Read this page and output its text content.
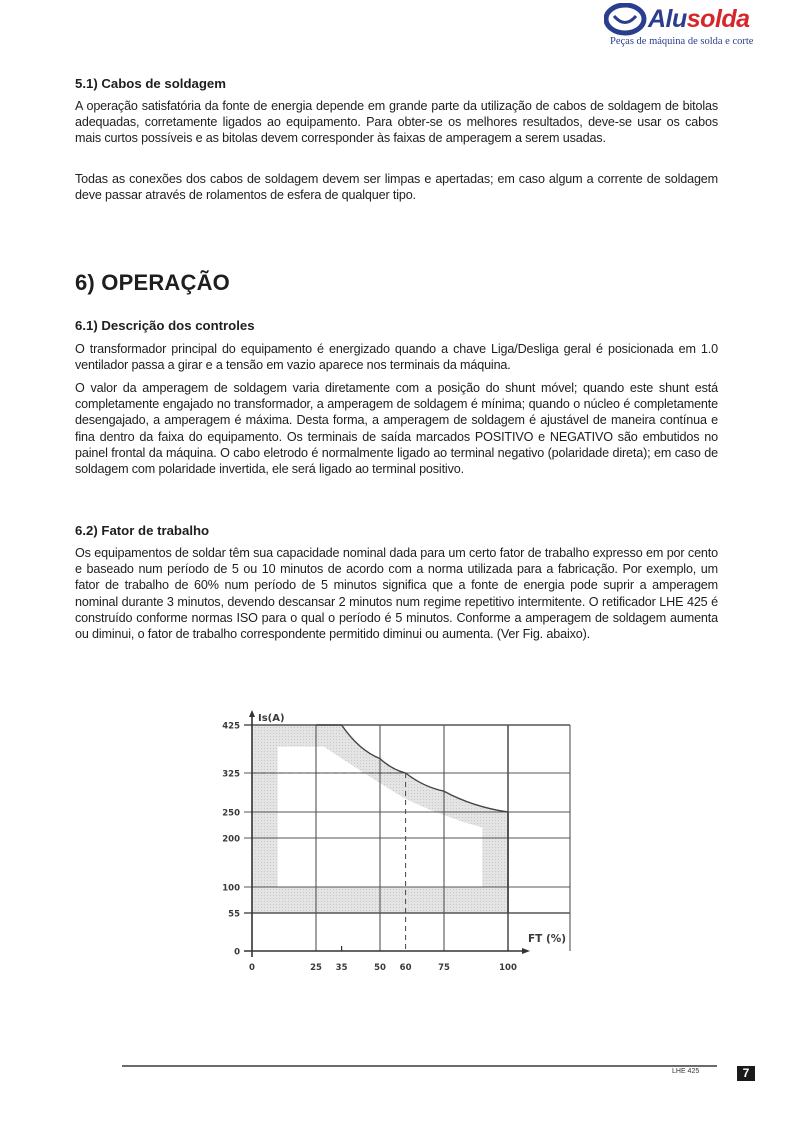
Alusolda
Peças de máquina de solda e corte
5.1) Cabos de soldagem

A operação satisfatória da fonte de energia depende em grande parte da utilização de cabos de soldagem de bitolas adequadas, corretamente ligados ao equipamento. Para obter-se os melhores resultados, deve-se usar os cabos mais curtos possíveis e as bitolas devem corresponder às faixas de amperagem a serem usadas.

Todas as conexões dos cabos de soldagem devem ser limpas e apertadas; em caso algum a corrente de soldagem deve passar através de rolamentos de esfera de qualquer tipo.

6) OPERAÇÃO
6.1) Descrição dos controles

O transformador principal do equipamento é energizado quando a chave Liga/Desliga geral é posicionada em 1.0 ventilador passa a girar e a tensão em vazio aparece nos terminais da máquina.

O valor da amperagem de soldagem varia diretamente com a posição do shunt móvel; quando este shunt está completamente engajado no transformador, a amperagem de soldagem é mínima; quando o núcleo é completamente desengajado, a amperagem é máxima. Desta forma, a amperagem de soldagem é ajustável de maneira contínua e fina dentro da faixa do equipamento. Os terminais de saída marcados POSITIVO e NEGATIVO são embutidos no painel frontal da máquina. O cabo eletrodo é normalmente ligado ao terminal negativo (polaridade direta); em caso de soldagem com polaridade invertida, ele será ligado ao terminal positivo.

6.2) Fator de trabalho

Os equipamentos de soldar têm sua capacidade nominal dada para um certo fator de trabalho expresso em por cento e baseado num período de 5 ou 10 minutos de acordo com a norma utilizada para a fabricação. Por exemplo, um fator de trabalho de 60% num período de 5 minutos significa que a fonte de energia pode suprir a amperagem nominal durante 3 minutos, devendo descansar 2 minutos num regime repetitivo intermitente. O retificador LHE 425 é construído conforme normas ISO para o qual o período é 5 minutos. Conforme a amperagem de soldagem aumenta ou diminui, o fator de trabalho correspondente permitido diminui ou aumenta. (Ver Fig. abaixo).

0
55
100
200
250
325
425
0	25 35	50 60	75	100
Is(A)
FT (%)
LHE 425	7
